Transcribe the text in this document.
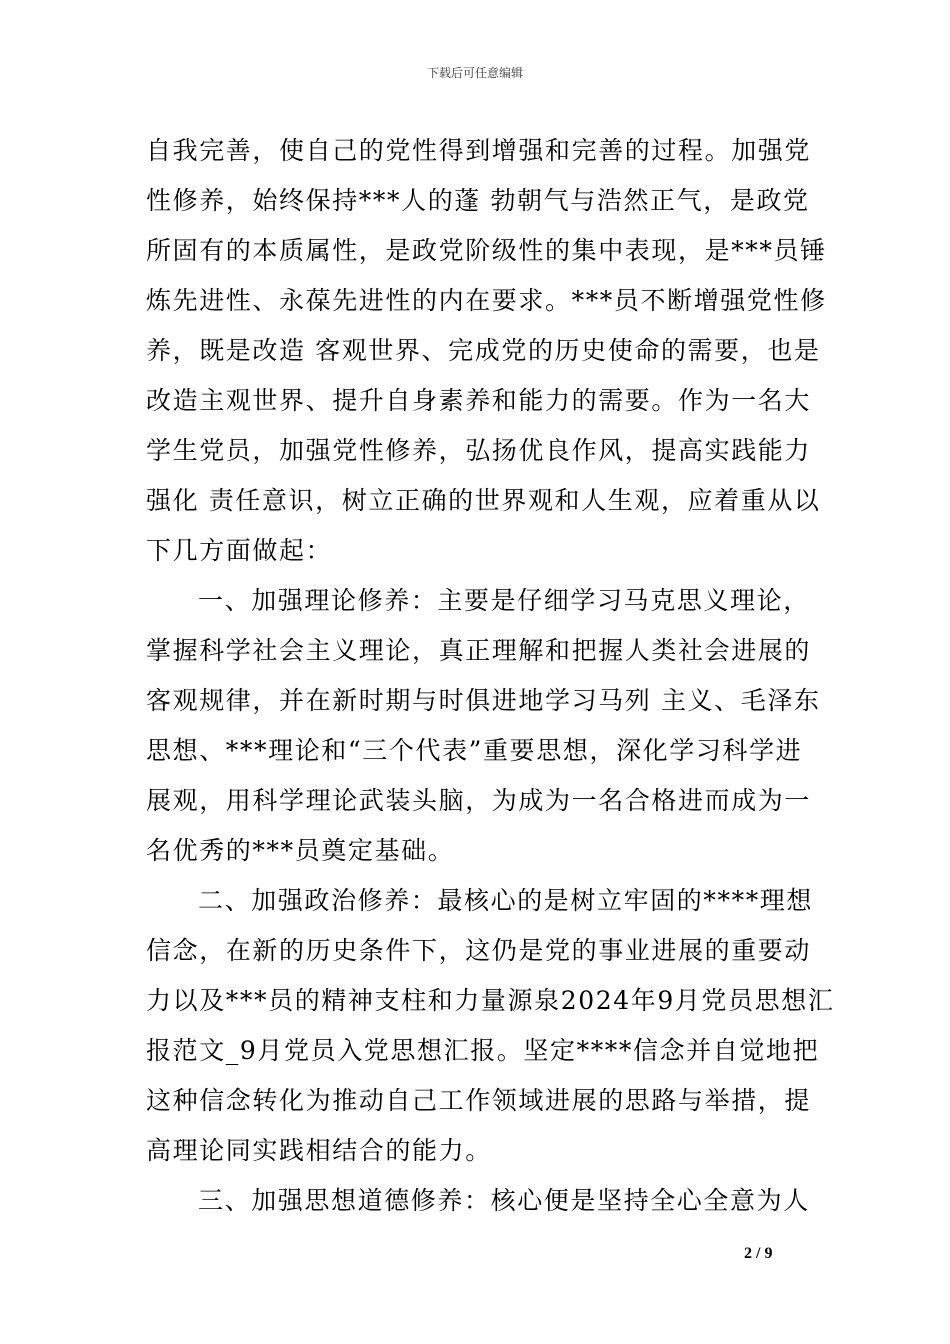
下载后可任意编辑
自我完善，使自己的党性得到增强和完善的过程。加强党
性修养，始终保持***人的蓬 勃朝气与浩然正气，是政党
所固有的本质属性，是政党阶级性的集中表现，是***员锤
炼先进性、永葆先进性的内在要求。***员不断增强党性修
养，既是改造 客观世界、完成党的历史使命的需要，也是
改造主观世界、提升自身素养和能力的需要。作为一名大
学生党员，加强党性修养，弘扬优良作风，提高实践能力
强化 责任意识，树立正确的世界观和人生观，应着重从以
下几方面做起：
一、加强理论修养：主要是仔细学习马克思义理论，
掌握科学社会主义理论，真正理解和把握人类社会进展的
客观规律，并在新时期与时俱进地学习马列 主义、毛泽东
思想、***理论和“三个代表”重要思想，深化学习科学进
展观，用科学理论武装头脑，为成为一名合格进而成为一
名优秀的***员奠定基础。
二、加强政治修养：最核心的是树立牢固的****理想
信念，在新的历史条件下，这仍是党的事业进展的重要动
力以及***员的精神支柱和力量源泉2024年9月党员思想汇
报范文_9月党员入党思想汇报。坚定****信念并自觉地把
这种信念转化为推动自己工作领域进展的思路与举措，提
高理论同实践相结合的能力。
三、加强思想道德修养：核心便是坚持全心全意为人
2 / 9
